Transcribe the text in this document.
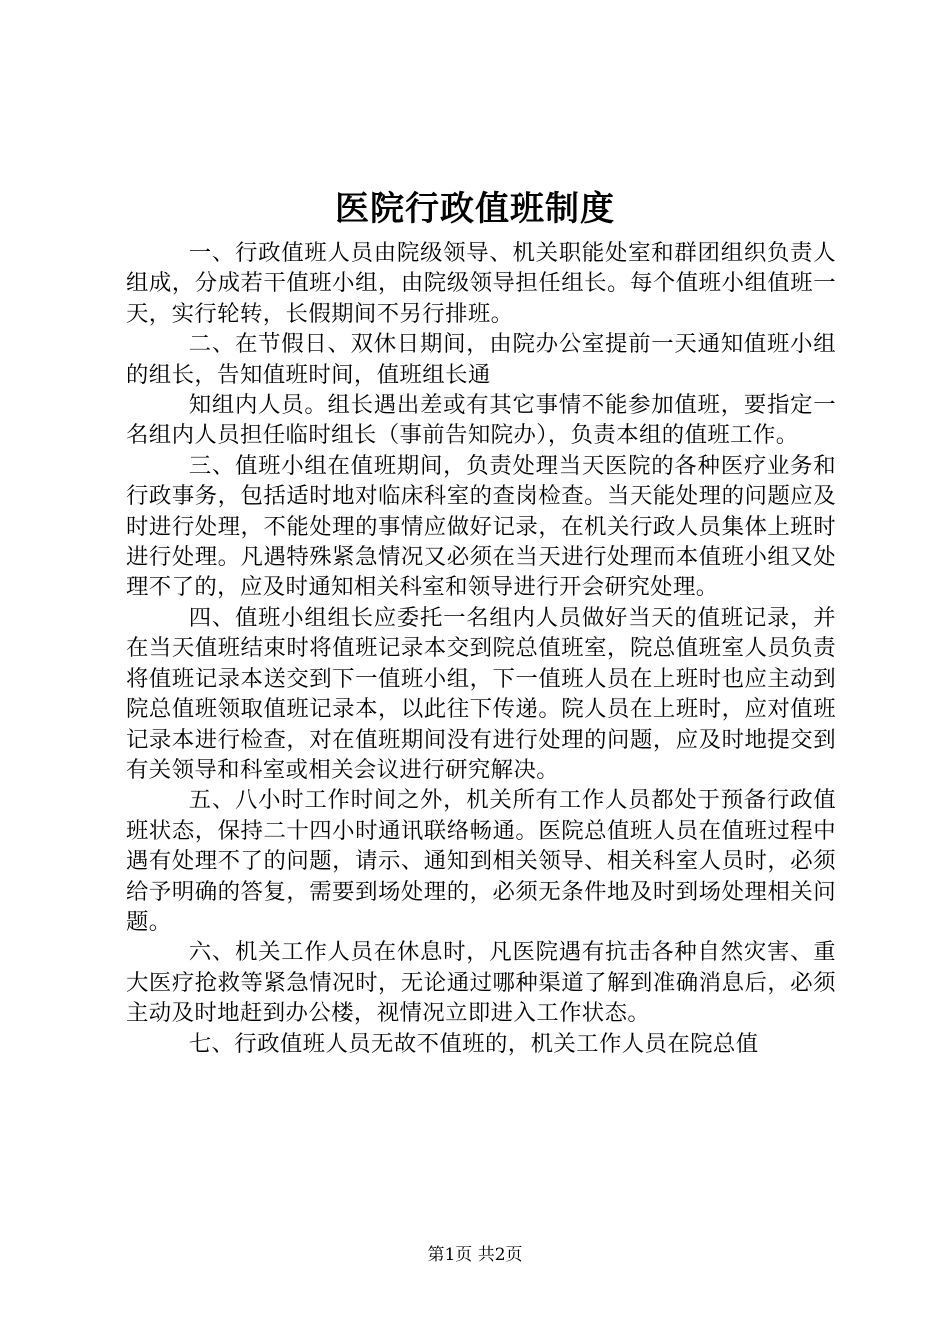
医院行政值班制度

一、行政值班人员由院级领导、机关职能处室和群团组织负责人组成，分成若干值班小组，由院级领导担任组长。每个值班小组值班一天，实行轮转，长假期间不另行排班。

二、在节假日、双休日期间，由院办公室提前一天通知值班小组的组长，告知值班时间，值班组长通

知组内人员。组长遇出差或有其它事情不能参加值班，要指定一名组内人员担任临时组长（事前告知院办），负责本组的值班工作。

三、值班小组在值班期间，负责处理当天医院的各种医疗业务和行政事务，包括适时地对临床科室的查岗检查。当天能处理的问题应及时进行处理，不能处理的事情应做好记录，在机关行政人员集体上班时进行处理。凡遇特殊紧急情况又必须在当天进行处理而本值班小组又处理不了的，应及时通知相关科室和领导进行开会研究处理。

四、值班小组组长应委托一名组内人员做好当天的值班记录，并在当天值班结束时将值班记录本交到院总值班室，院总值班室人员负责将值班记录本送交到下一值班小组，下一值班人员在上班时也应主动到院总值班领取值班记录本，以此往下传递。院人员在上班时，应对值班记录本进行检查，对在值班期间没有进行处理的问题，应及时地提交到有关领导和科室或相关会议进行研究解决。

五、八小时工作时间之外，机关所有工作人员都处于预备行政值班状态，保持二十四小时通讯联络畅通。医院总值班人员在值班过程中遇有处理不了的问题，请示、通知到相关领导、相关科室人员时，必须给予明确的答复，需要到场处理的，必须无条件地及时到场处理相关问题。

六、机关工作人员在休息时，凡医院遇有抗击各种自然灾害、重大医疗抢救等紧急情况时，无论通过哪种渠道了解到准确消息后，必须主动及时地赶到办公楼，视情况立即进入工作状态。

七、行政值班人员无故不值班的，机关工作人员在院总值

第1页 共2页
